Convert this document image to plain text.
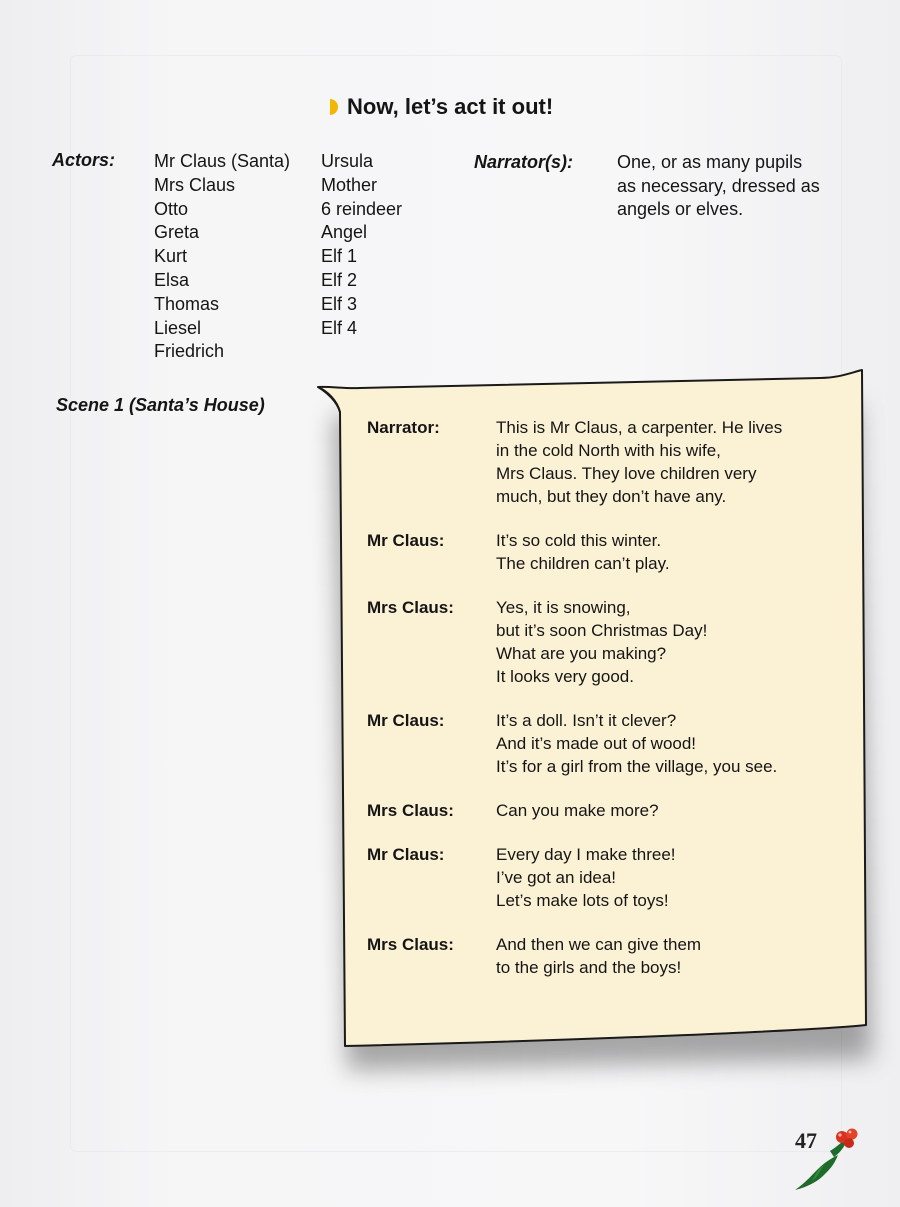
Now, let’s act it out!
Actors: Mr Claus (Santa)
Mrs Claus
Otto
Greta
Kurt
Elsa
Thomas
Liesel
Friedrich
Ursula
Mother
6 reindeer
Angel
Elf 1
Elf 2
Elf 3
Elf 4
Narrator(s): One, or as many pupils
as necessary, dressed as
angels or elves.
Scene 1 (Santa’s House)
Narrator:	This is Mr Claus, a carpenter. He lives
in the cold North with his wife,
Mrs Claus. They love children very
much, but they don’t have any.
Mr Claus:	It’s so cold this winter.
The children can’t play.
Mrs Claus:	Yes, it is snowing,
but it’s soon Christmas Day!
What are you making?
It looks very good.
Mr Claus:	It’s a doll. Isn’t it clever?
And it’s made out of wood!
It’s for a girl from the village, you see.
Mrs Claus:	Can you make more?
Mr Claus:	Every day I make three!
I’ve got an idea!
Let’s make lots of toys!
Mrs Claus:	And then we can give them
to the girls and the boys!
47
